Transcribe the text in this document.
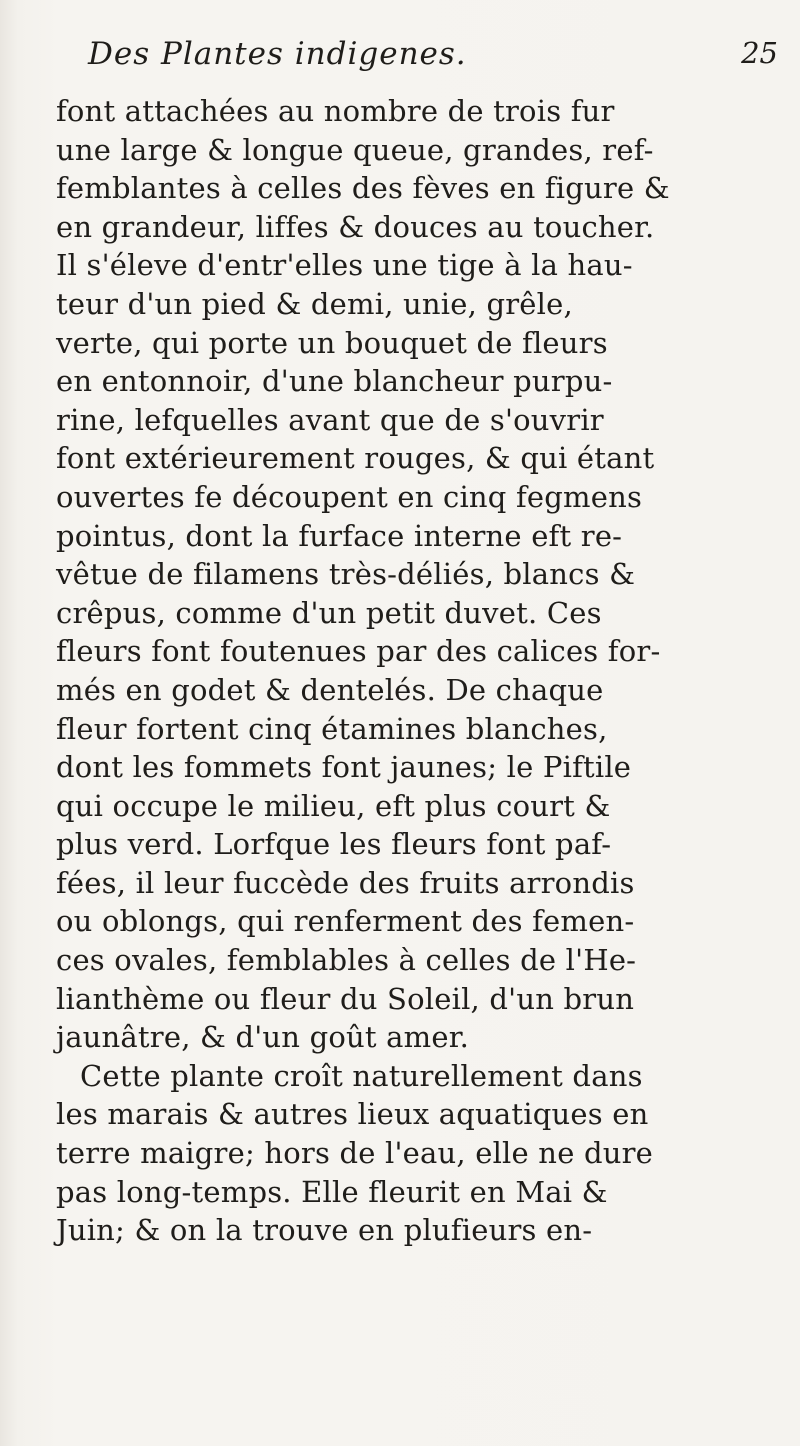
Des Plantes indigenes.	25
font attachées au nombre de trois fur
une large & longue queue, grandes, ref-
femblantes à celles des fèves en figure &
en grandeur, liffes & douces au toucher.
Il s'éleve d'entr'elles une tige à la hau-
teur d'un pied & demi, unie, grêle,
verte, qui porte un bouquet de fleurs
en entonnoir, d'une blancheur purpu-
rine, lefquelles avant que de s'ouvrir
font extérieurement rouges, & qui étant
ouvertes fe découpent en cinq fegmens
pointus, dont la furface interne eft re-
vêtue de filamens très-déliés, blancs &
crêpus, comme d'un petit duvet. Ces
fleurs font foutenues par des calices for-
més en godet & dentelés. De chaque
fleur fortent cinq étamines blanches,
dont les fommets font jaunes; le Piftile
qui occupe le milieu, eft plus court &
plus verd. Lorfque les fleurs font paf-
fées, il leur fuccède des fruits arrondis
ou oblongs, qui renferment des femen-
ces ovales, femblables à celles de l'He-
lianthème ou fleur du Soleil, d'un brun
jaunâtre, & d'un goût amer.
Cette plante croît naturellement dans
les marais & autres lieux aquatiques en
terre maigre; hors de l'eau, elle ne dure
pas long-temps. Elle fleurit en Mai &
Juin; & on la trouve en plufieurs en-
